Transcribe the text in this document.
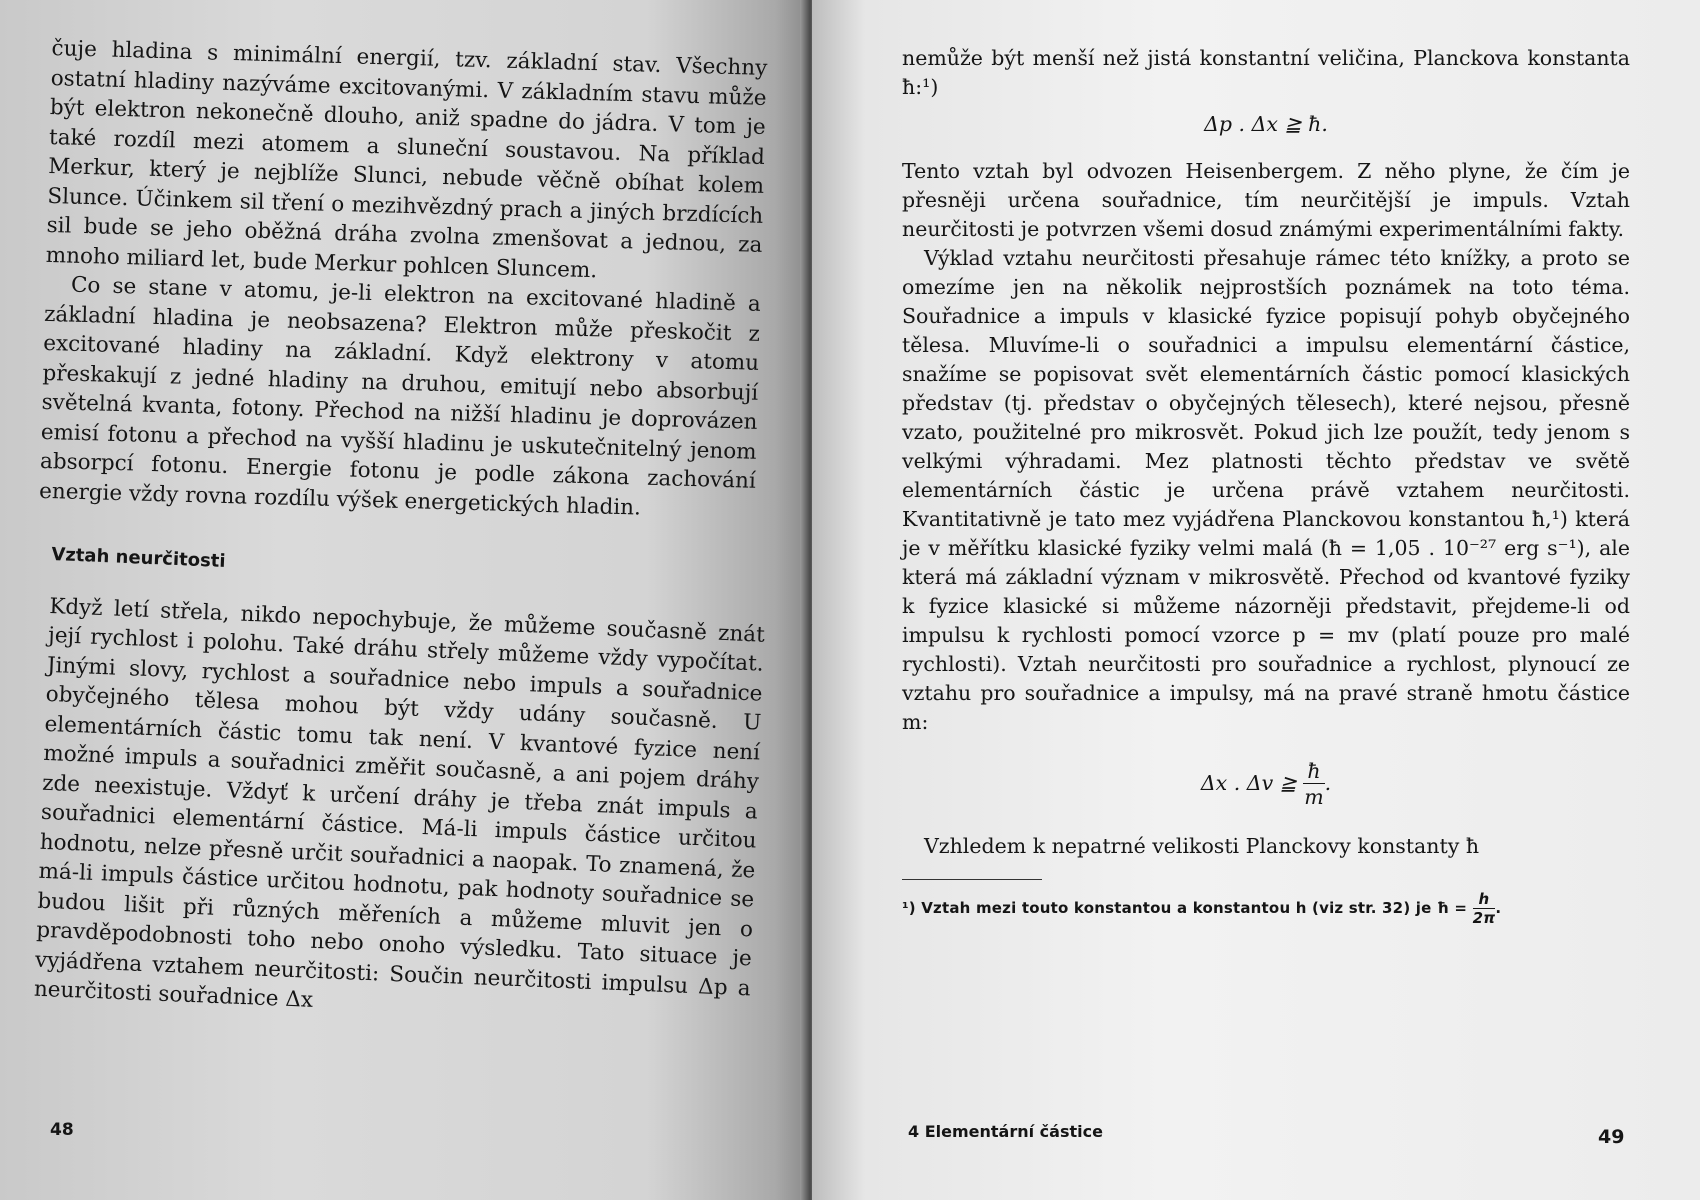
čuje hladina s minimální energií, tzv. základní stav. Všechny ostatní hladiny nazýváme excitovanými. V základním stavu může být elektron nekonečně dlouho, aniž spadne do jádra. V tom je také rozdíl mezi atomem a sluneční soustavou. Na příklad Merkur, který je nejblíže Slunci, nebude věčně obíhat kolem Slunce. Účinkem sil tření o mezihvězdný prach a jiných brzdících sil bude se jeho oběžná dráha zvolna zmenšovat a jednou, za mnoho miliard let, bude Merkur pohlcen Sluncem.

Co se stane v atomu, je-li elektron na excitované hladině a základní hladina je neobsazena? Elektron může přeskočit z excitované hladiny na základní. Když elektrony v atomu přeskakují z jedné hladiny na druhou, emitují nebo absorbují světelná kvanta, fotony. Přechod na nižší hladinu je doprovázen emisí fotonu a přechod na vyšší hladinu je uskutečnitelný jenom absorpcí fotonu. Energie fotonu je podle zákona zachování energie vždy rovna rozdílu výšek energetických hladin.

Vztah neurčitosti

Když letí střela, nikdo nepochybuje, že můžeme současně znát její rychlost i polohu. Také dráhu střely můžeme vždy vypočítat. Jinými slovy, rychlost a souřadnice nebo impuls a souřadnice obyčejného tělesa mohou být vždy udány současně. U elementárních částic tomu tak není. V kvantové fyzice není možné impuls a souřadnici změřit současně, a ani pojem dráhy zde neexistuje. Vždyť k určení dráhy je třeba znát impuls a souřadnici elementární částice. Má-li impuls částice určitou hodnotu, nelze přesně určit souřadnici a naopak. To znamená, že má-li impuls částice určitou hodnotu, pak hodnoty souřadnice se budou lišit při různých měřeních a můžeme mluvit jen o pravděpodobnosti toho nebo onoho výsledku. Tato situace je vyjádřena vztahem neurčitosti: Součin neurčitosti impulsu Δp a neurčitosti souřadnice Δx

48

nemůže být menší než jistá konstantní veličina, Planckova konstanta ħ:¹)

Δp . Δx ≧ ħ.

Tento vztah byl odvozen Heisenbergem. Z něho plyne, že čím je přesněji určena souřadnice, tím neurčitější je impuls. Vztah neurčitosti je potvrzen všemi dosud známými experimentálními fakty.

Výklad vztahu neurčitosti přesahuje rámec této knížky, a proto se omezíme jen na několik nejprostších poznámek na toto téma. Souřadnice a impuls v klasické fyzice popisují pohyb obyčejného tělesa. Mluvíme-li o souřadnici a impulsu elementární částice, snažíme se popisovat svět elementárních částic pomocí klasických představ (tj. představ o obyčejných tělesech), které nejsou, přesně vzato, použitelné pro mikrosvět. Pokud jich lze použít, tedy jenom s velkými výhradami. Mez platnosti těchto představ ve světě elementárních částic je určena právě vztahem neurčitosti. Kvantitativně je tato mez vyjádřena Planckovou konstantou ħ,¹) která je v měřítku klasické fyziky velmi malá (ħ = 1,05 . 10⁻²⁷ erg s⁻¹), ale která má základní význam v mikrosvětě. Přechod od kvantové fyziky k fyzice klasické si můžeme názorněji představit, přejdeme-li od impulsu k rychlosti pomocí vzorce p = mv (platí pouze pro malé rychlosti). Vztah neurčitosti pro souřadnice a rychlost, plynoucí ze vztahu pro souřadnice a impulsy, má na pravé straně hmotu částice m:

Δx . Δv ≧ $\frac{ħ}{m}$ .

Vzhledem k nepatrné velikosti Planckovy konstanty ħ

¹) Vztah mezi touto konstantou a konstantou h (viz str. 32) je ħ = $\frac{h}{2\pi}$ .
49
4 Elementární částice
